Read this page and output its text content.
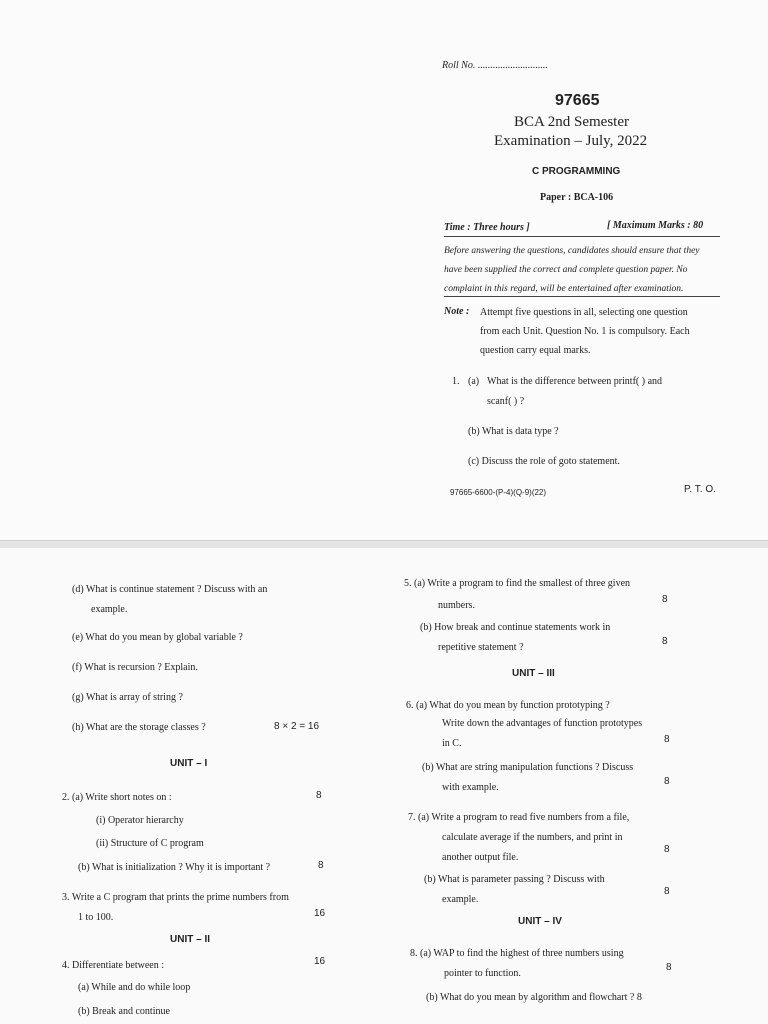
Roll No. ............................
97665
BCA 2nd Semester
Examination – July, 2022
C PROGRAMMING
Paper : BCA-106
Time : Three hours ]	[ Maximum Marks : 80
Before answering the questions, candidates should ensure that they
have been supplied the correct and complete question paper. No
complaint in this regard, will be entertained after examination.
Note : Attempt five questions in all, selecting one question
from each Unit. Question No. 1 is compulsory. Each
question carry equal marks.
1. (a) What is the difference between printf( ) and
scanf( ) ?
(b) What is data type ?
(c) Discuss the role of goto statement.
97665-6600-(P-4)(Q-9)(22)	P. T. O.
(d) What is continue statement ? Discuss with an
example.
(e) What do you mean by global variable ?
(f) What is recursion ? Explain.
(g) What is array of string ?
(h) What are the storage classes ?	8 × 2 = 16
UNIT – I
2. (a) Write short notes on :	8
(i) Operator hierarchy
(ii) Structure of C program
(b) What is initialization ? Why it is important ?	8
3. Write a C program that prints the prime numbers from
1 to 100.	16
UNIT – II
4. Differentiate between :	16
(a) While and do while loop
(b) Break and continue
5. (a) Write a program to find the smallest of three given
numbers.
8
(b) How break and continue statements work in
repetitive statement ?
8
UNIT – III
6. (a) What do you mean by function prototyping ?
Write down the advantages of function prototypes
in C.	8
(b) What are string manipulation functions ? Discuss
with example.
8
7. (a) Write a program to read five numbers from a file,
calculate average if the numbers, and print in
another output file.
8
(b) What is parameter passing ? Discuss with
example.
8
UNIT – IV
8. (a) WAP to find the highest of three numbers using
pointer to function.
8
(b) What do you mean by algorithm and flowchart ? 8
